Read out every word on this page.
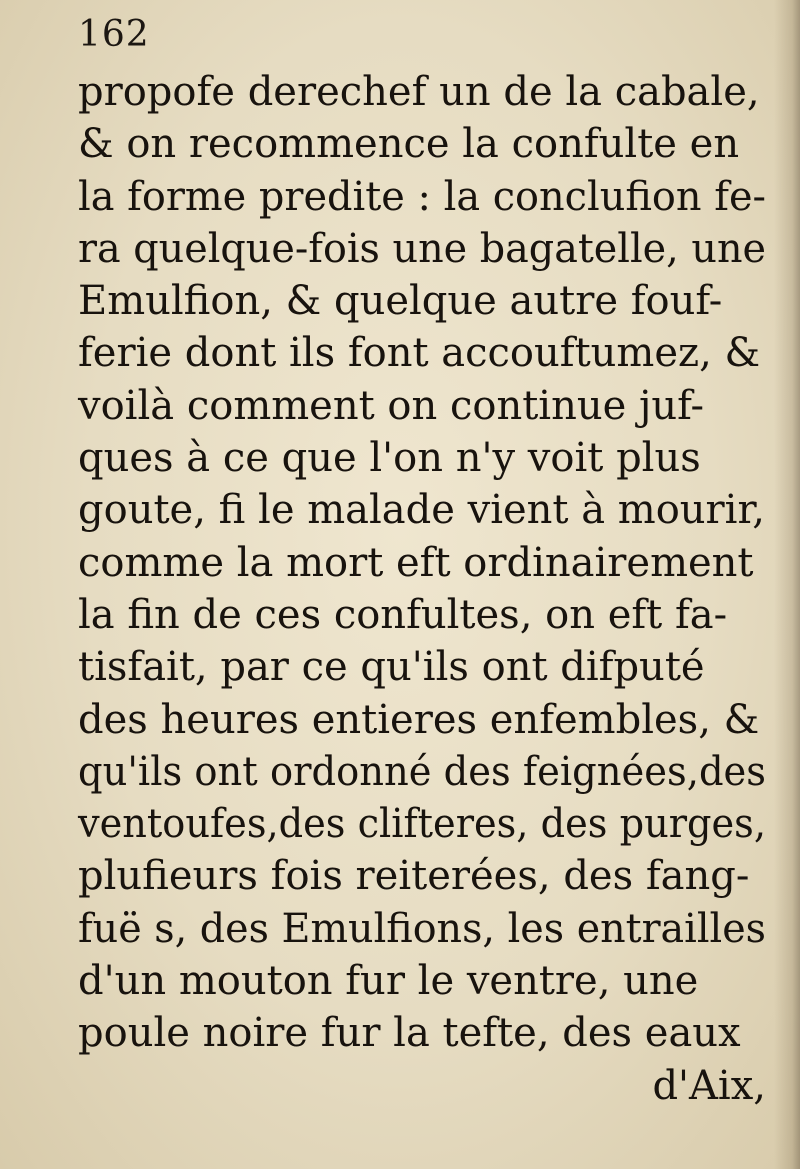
162
propofe derechef un de la cabale,
& on recommence la confulte en
la forme predite : la conclufion fe-
ra quelque-fois une bagatelle, une
Emulfion, & quelque autre fouf-
ferie dont ils font accouftumez, &
voilà comment on continue juf-
ques à ce que l'on n'y voit plus
goute, fi le malade vient à mourir,
comme la mort eft ordinairement
la fin de ces confultes, on eft fa-
tisfait, par ce qu'ils ont difputé
des heures entieres enfembles, &
qu'ils ont ordonné des feignées,des
ventoufes,des clifteres, des purges,
plufieurs fois reiterées, des fang-
fuë s, des Emulfions, les entrailles
d'un mouton fur le ventre, une
poule noire fur la tefte, des eaux
d'Aix,
